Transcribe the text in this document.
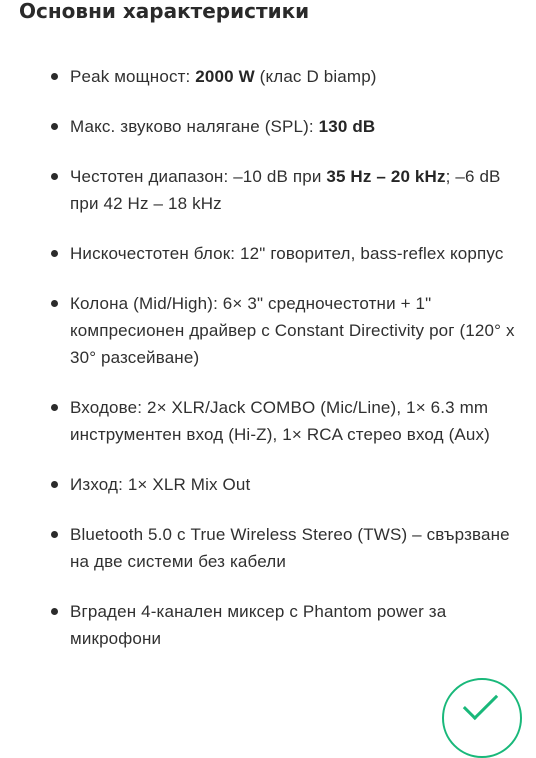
Основни характеристики
Peak мощност: 2000 W (клас D biamp)
Макс. звуково налягане (SPL): 130 dB
Честотен диапазон: –10 dB при 35 Hz – 20 kHz; –6 dB при 42 Hz – 18 kHz
Нискочестотен блок: 12" говорител, bass-reflex корпус
Колона (Mid/High): 6× 3" средночестотни + 1" компресионен драйвер с Constant Directivity рог (120° x 30° разсейване)
Входове: 2× XLR/Jack COMBO (Mic/Line), 1× 6.3 mm инструментен вход (Hi-Z), 1× RCA стерео вход (Aux)
Изход: 1× XLR Mix Out
Bluetooth 5.0 с True Wireless Stereo (TWS) – свързване на две системи без кабели
Вграден 4-канален миксер с Phantom power за микрофони
